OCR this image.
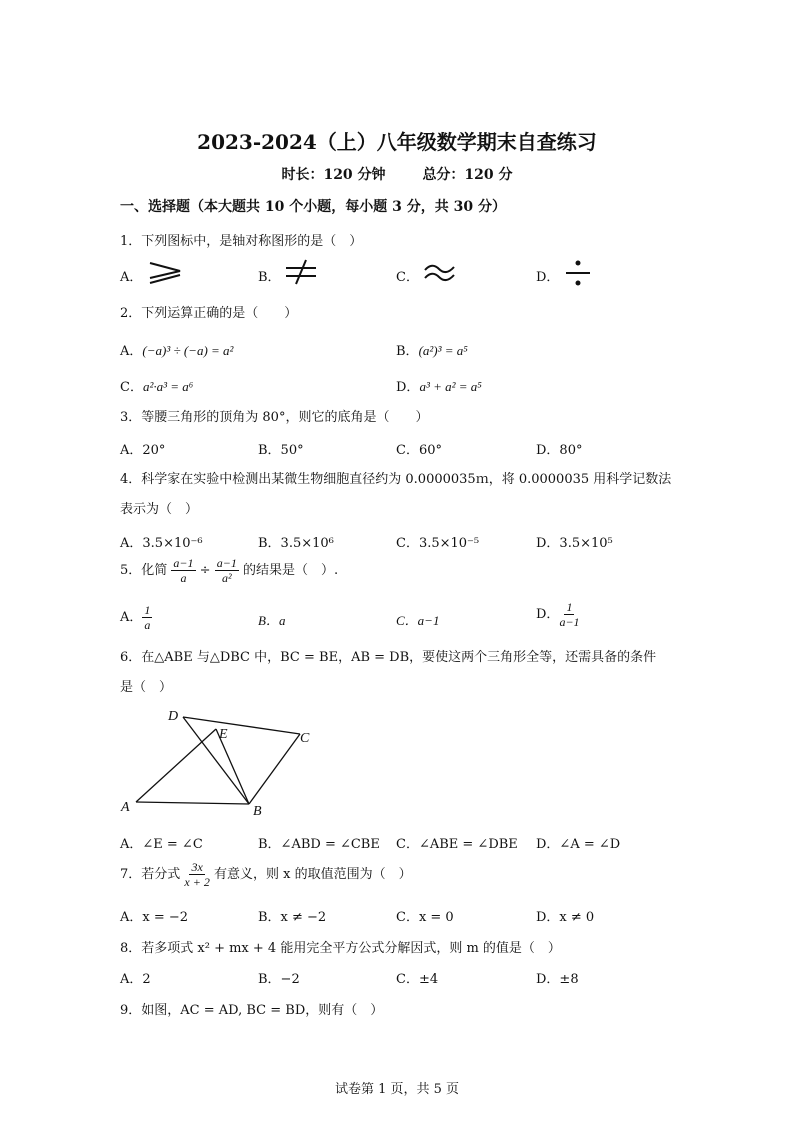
2023-2024（上）八年级数学期末自查练习
时长：120 分钟	总分：120 分
一、选择题（本大题共 10 个小题，每小题 3 分，共 30 分）
1．下列图标中，是轴对称图形的是（　）
A．	B．	C．	D．
2．下列运算正确的是（　　）
A．(−a)³ ÷ (−a) = a²	B．(a²)³ = a⁵
C．a²·a³ = a⁶	D．a³ + a² = a⁵
3．等腰三角形的顶角为 80°，则它的底角是（　　）
A．20°	B．50°	C．60°	D．80°
4．科学家在实验中检测出某微生物细胞直径约为 0.0000035ｍ，将 0.0000035 用科学记数法
表示为（　）
A．3.5×10⁻⁶	B．3.5×10⁶	C．3.5×10⁻⁵	D．3.5×10⁵
5．化简 $\frac{a-1}{a} \div \frac{a-1}{\text{a²}}$ 的结果是（　）.
A． $\frac{1}{a}$	B．a	C．a−1	D． $\frac{1}{a-1}$
6．在△ABE 与△DBC 中，BC = BE，AB = DB，要使这两个三角形全等，还需具备的条件
是（　）
D
E	C
A	B
A．∠E = ∠C	B．∠ABD = ∠CBE C．∠ABE = ∠DBE D．∠A = ∠D
7．若分式 $\frac{3x}{x + 2}$ 有意义，则 x 的取值范围为（　）
A．x = −2	B．x ≠ −2	C．x = 0	D．x ≠ 0
8．若多项式 x² + mx + 4 能用完全平方公式分解因式，则 m 的值是（　）
A．2	B．−2	C．±4	D．±8
9．如图，AC = AD, BC = BD，则有（　）
试卷第 1 页，共 5 页
